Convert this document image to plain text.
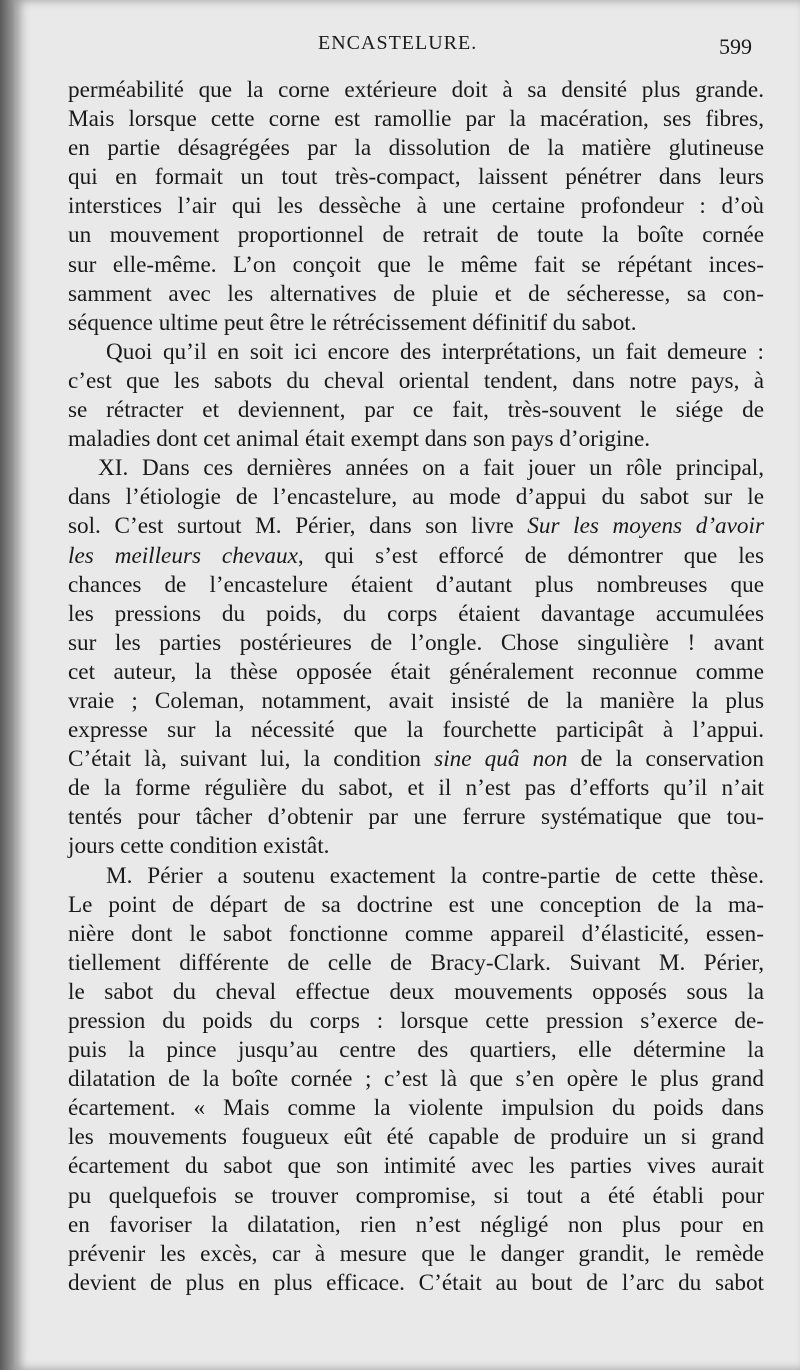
ENCASTELURE.	599
perméabilité que la corne extérieure doit à sa densité plus grande.
Mais lorsque cette corne est ramollie par la macération, ses fibres,
en partie désagrégées par la dissolution de la matière glutineuse
qui en formait un tout très-compact, laissent pénétrer dans leurs
interstices l’air qui les dessèche à une certaine profondeur : d’où
un mouvement proportionnel de retrait de toute la boîte cornée
sur elle-même. L’on conçoit que le même fait se répétant inces-
samment avec les alternatives de pluie et de sécheresse, sa con-
séquence ultime peut être le rétrécissement définitif du sabot.
Quoi qu’il en soit ici encore des interprétations, un fait demeure :
c’est que les sabots du cheval oriental tendent, dans notre pays, à
se rétracter et deviennent, par ce fait, très-souvent le siége de
maladies dont cet animal était exempt dans son pays d’origine.
XI. Dans ces dernières années on a fait jouer un rôle principal,
dans l’étiologie de l’encastelure, au mode d’appui du sabot sur le
sol. C’est surtout M. Périer, dans son livre Sur les moyens d’avoir
les meilleurs chevaux, qui s’est efforcé de démontrer que les
chances de l’encastelure étaient d’autant plus nombreuses que
les pressions du poids, du corps étaient davantage accumulées
sur les parties postérieures de l’ongle. Chose singulière ! avant
cet auteur, la thèse opposée était généralement reconnue comme
vraie ; Coleman, notamment, avait insisté de la manière la plus
expresse sur la nécessité que la fourchette participât à l’appui.
C’était là, suivant lui, la condition sine quâ non de la conservation
de la forme régulière du sabot, et il n’est pas d’efforts qu’il n’ait
tentés pour tâcher d’obtenir par une ferrure systématique que tou-
jours cette condition existât.
M. Périer a soutenu exactement la contre-partie de cette thèse.
Le point de départ de sa doctrine est une conception de la ma-
nière dont le sabot fonctionne comme appareil d’élasticité, essen-
tiellement différente de celle de Bracy-Clark. Suivant M. Périer,
le sabot du cheval effectue deux mouvements opposés sous la
pression du poids du corps : lorsque cette pression s’exerce de-
puis la pince jusqu’au centre des quartiers, elle détermine la
dilatation de la boîte cornée ; c’est là que s’en opère le plus grand
écartement. « Mais comme la violente impulsion du poids dans
les mouvements fougueux eût été capable de produire un si grand
écartement du sabot que son intimité avec les parties vives aurait
pu quelquefois se trouver compromise, si tout a été établi pour
en favoriser la dilatation, rien n’est négligé non plus pour en
prévenir les excès, car à mesure que le danger grandit, le remède
devient de plus en plus efficace. C’était au bout de l’arc du sabot
